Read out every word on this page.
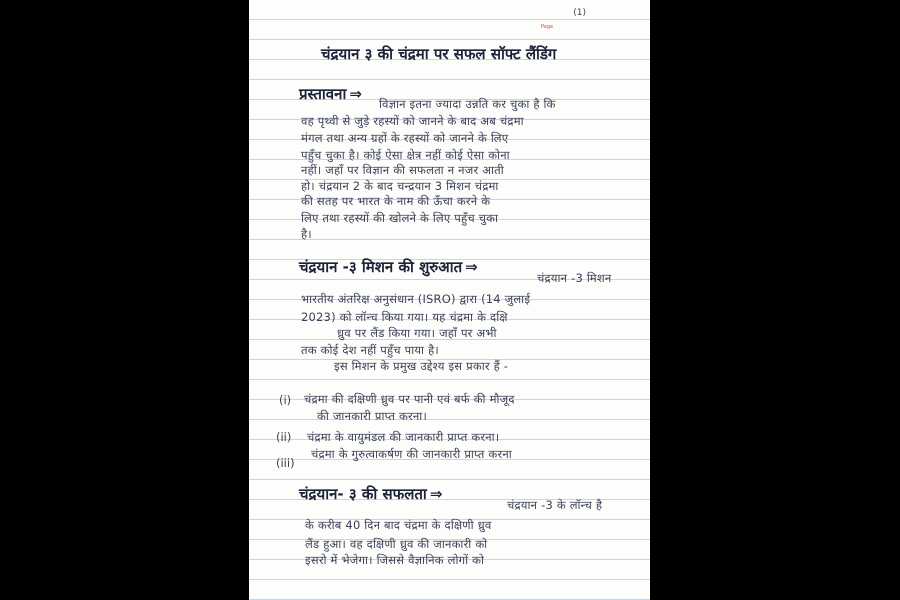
(1)
Page
चंद्रयान ३ की चंद्रमा पर सफल सॉफ्ट लैंडिंग
प्रस्तावना ⇒
विज्ञान इतना ज्यादा उन्नति कर चुका है कि
वह पृथ्वी से जुड़े रहस्यों को जानने के बाद अब चंद्रमा
मंगल तथा अन्य ग्रहों के रहस्यों को जानने के लिए
पहुँच चुका है। कोई ऐसा क्षेत्र नहीं कोई ऐसा कोना
नहीं। जहाँ पर विज्ञान की सफलता न नजर आती
हो। चंद्रयान 2 के बाद चन्द्रयान 3 मिशन चंद्रमा
की सतह पर भारत के नाम की ऊँचा करने के
लिए तथा रहस्यों की खोलने के लिए पहुँच चुका
है।
चंद्रयान -३ मिशन की शुरुआत ⇒
चंद्रयान -3 मिशन
भारतीय अंतरिक्ष अनुसंधान (ISRO) द्वारा (14 जुलाई
2023) को लॉन्च किया गया। यह चंद्रमा के दक्षि
ध्रुव पर लैंड किया गया। जहाँ पर अभी
तक कोई देश नहीं पहुँच पाया है।
इस मिशन के प्रमुख उद्देश्य इस प्रकार हैं -
(i) चंद्रमा की दक्षिणी ध्रुव पर पानी एवं बर्फ की मौजूद
की जानकारी प्राप्त करना।
(ii) चंद्रमा के वायुमंडल की जानकारी प्राप्त करना।
(iii)
चंद्रमा के गुरुत्वाकर्षण की जानकारी प्राप्त करना
चंद्रयान- ३ की सफलता ⇒
चंद्रयान -3 के लॉन्च है
के करीब 40 दिन बाद चंद्रमा के दक्षिणी ध्रुव
लैंड हुआ। वह दक्षिणी ध्रुव की जानकारी को
इसरो में भेजेगा। जिससे वैज्ञानिक लोगों को
